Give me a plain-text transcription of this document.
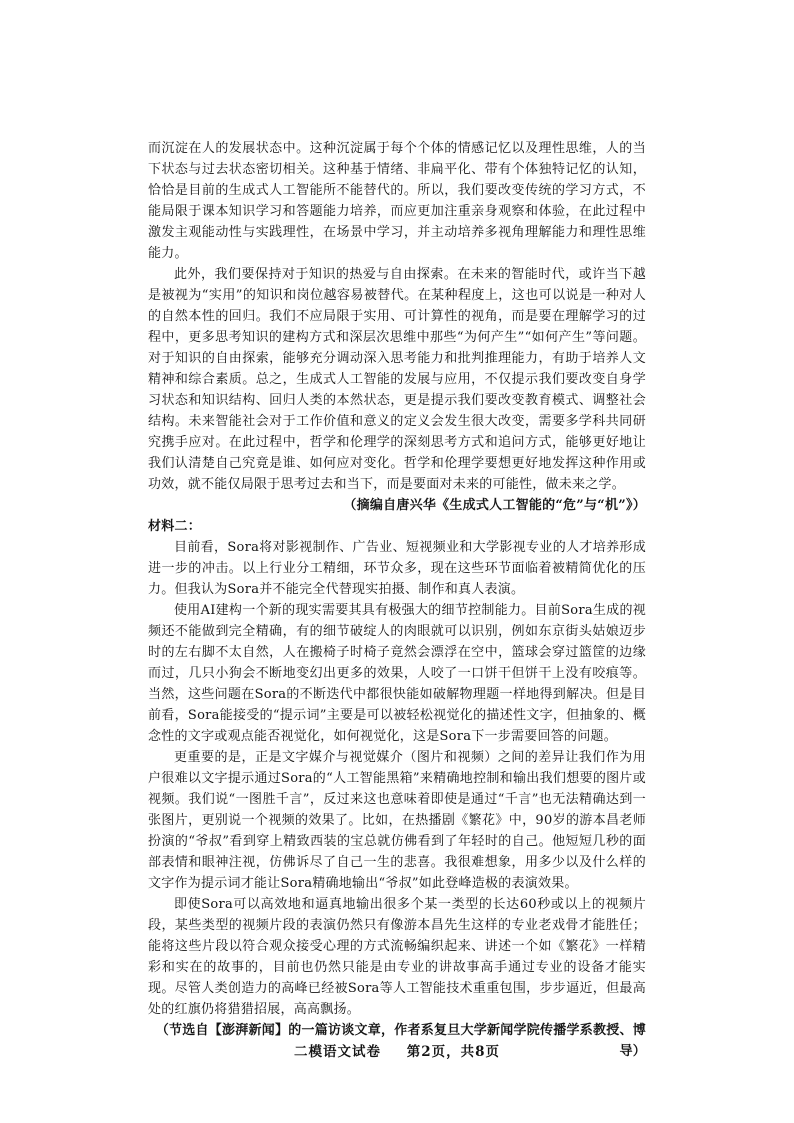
而沉淀在人的发展状态中。这种沉淀属于每个个体的情感记忆以及理性思维，人的当下状态与过去状态密切相关。这种基于情绪、非扁平化、带有个体独特记忆的认知，恰恰是目前的生成式人工智能所不能替代的。所以，我们要改变传统的学习方式，不能局限于课本知识学习和答题能力培养，而应更加注重亲身观察和体验，在此过程中激发主观能动性与实践理性，在场景中学习，并主动培养多视角理解能力和理性思维能力。

此外，我们要保持对于知识的热爱与自由探索。在未来的智能时代，或许当下越是被视为“实用”的知识和岗位越容易被替代。在某种程度上，这也可以说是一种对人的自然本性的回归。我们不应局限于实用、可计算性的视角，而是要在理解学习的过程中，更多思考知识的建构方式和深层次思维中那些“为何产生”“如何产生”等问题。对于知识的自由探索，能够充分调动深入思考能力和批判推理能力，有助于培养人文精神和综合素质。总之，生成式人工智能的发展与应用，不仅提示我们要改变自身学习状态和知识结构、回归人类的本然状态，更是提示我们要改变教育模式、调整社会结构。未来智能社会对于工作价值和意义的定义会发生很大改变，需要多学科共同研究携手应对。在此过程中，哲学和伦理学的深刻思考方式和追问方式，能够更好地让我们认清楚自己究竟是谁、如何应对变化。哲学和伦理学要想更好地发挥这种作用或功效，就不能仅局限于思考过去和当下，而是要面对未来的可能性，做未来之学。

（摘编自唐兴华《生成式人工智能的“危”与“机”》）

材料二：

目前看，Sora将对影视制作、广告业、短视频业和大学影视专业的人才培养形成进一步的冲击。以上行业分工精细，环节众多，现在这些环节面临着被精简优化的压力。但我认为Sora并不能完全代替现实拍摄、制作和真人表演。

使用AI建构一个新的现实需要其具有极强大的细节控制能力。目前Sora生成的视频还不能做到完全精确，有的细节破绽人的肉眼就可以识别，例如东京街头姑娘迈步时的左右脚不太自然，人在搬椅子时椅子竟然会漂浮在空中，篮球会穿过篮筐的边缘而过，几只小狗会不断地变幻出更多的效果，人咬了一口饼干但饼干上没有咬痕等。当然，这些问题在Sora的不断迭代中都很快能如破解物理题一样地得到解决。但是目前看，Sora能接受的“提示词”主要是可以被轻松视觉化的描述性文字，但抽象的、概念性的文字或观点能否视觉化，如何视觉化，这是Sora下一步需要回答的问题。

更重要的是，正是文字媒介与视觉媒介（图片和视频）之间的差异让我们作为用户很难以文字提示通过Sora的“人工智能黑箱”来精确地控制和输出我们想要的图片或视频。我们说“一图胜千言”，反过来这也意味着即使是通过“千言”也无法精确达到一张图片，更别说一个视频的效果了。比如，在热播剧《繁花》中，90岁的游本昌老师扮演的“爷叔”看到穿上精致西装的宝总就仿佛看到了年轻时的自己。他短短几秒的面部表情和眼神注视，仿佛诉尽了自己一生的悲喜。我很难想象，用多少以及什么样的文字作为提示词才能让Sora精确地输出“爷叔”如此登峰造极的表演效果。

即使Sora可以高效地和逼真地输出很多个某一类型的长达60秒或以上的视频片段，某些类型的视频片段的表演仍然只有像游本昌先生这样的专业老戏骨才能胜任；能将这些片段以符合观众接受心理的方式流畅编织起来、讲述一个如《繁花》一样精彩和实在的故事的，目前也仍然只能是由专业的讲故事高手通过专业的设备才能实现。尽管人类创造力的高峰已经被Sora等人工智能技术重重包围，步步逼近，但最高处的红旗仍将猎猎招展，高高飘扬。

（节选自【澎湃新闻】的一篇访谈文章，作者系复旦大学新闻学院传播学系教授、博导）

二模语文试卷 第2页，共8页
